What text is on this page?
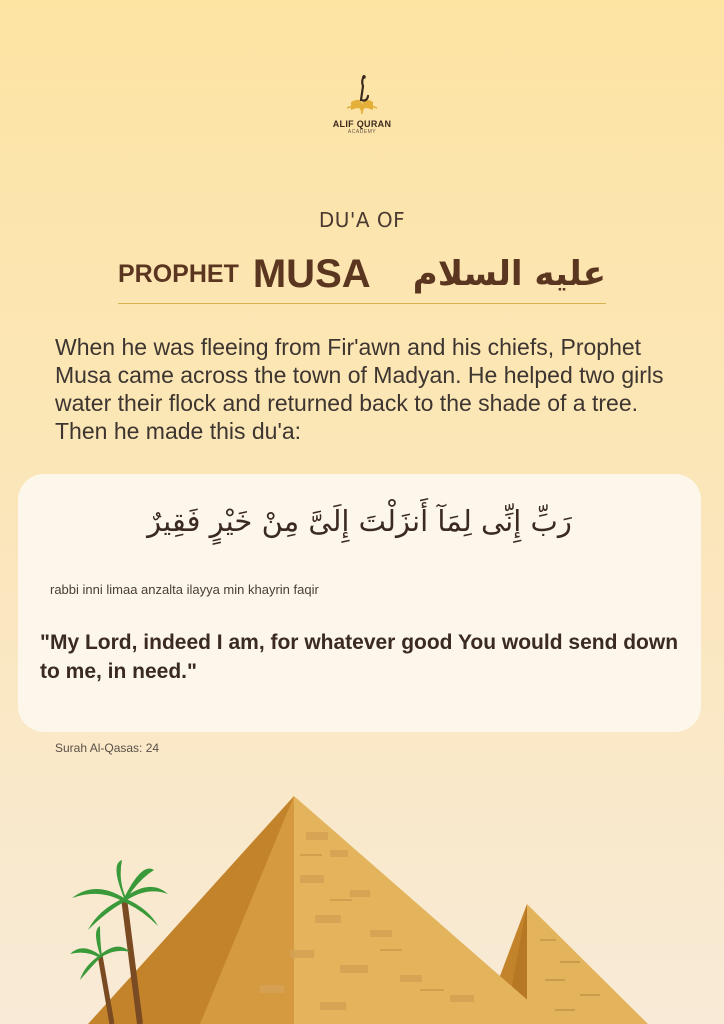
ALIF QURAN
ACADEMY
DU'A OF
PROPHET MUSA عليه السلام

When he was fleeing from Fir'awn and his chiefs, Prophet Musa came across the town of Madyan. He helped two girls water their flock and returned back to the shade of a tree. Then he made this du'a:

رَبِّ إِنِّى لِمَآ أَنزَلْتَ إِلَىَّ مِنْ خَيْرٍ فَقِيرٌ
rabbi inni limaa anzalta ilayya min khayrin faqir

"My Lord, indeed I am, for whatever good You would send down to me, in need."

Surah Al-Qasas: 24
